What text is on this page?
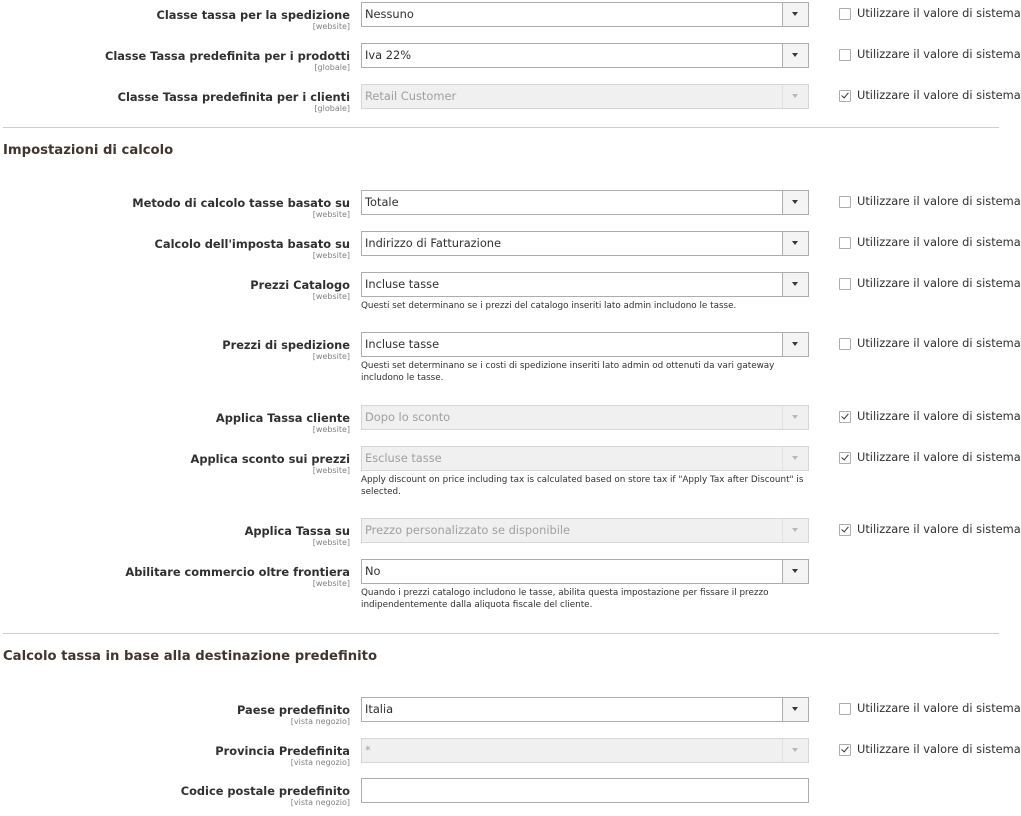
Classe tassa per la spedizione
[website]
Nessuno	Utilizzare il valore di sistema
Classe Tassa predefinita per i prodotti
[globale]
Iva 22%	Utilizzare il valore di sistema
Classe Tassa predefinita per i clienti
[globale]
Retail Customer	Utilizzare il valore di sistema
Impostazioni di calcolo
Metodo di calcolo tasse basato su
[website]
Totale	Utilizzare il valore di sistema
Calcolo dell'imposta basato su
[website]
Indirizzo di Fatturazione	Utilizzare il valore di sistema
Prezzi Catalogo
[website]
Incluse tasse
Questi set determinano se i prezzi del catalogo inseriti lato admin includono le tasse.
Utilizzare il valore di sistema
Prezzi di spedizione
[website]
Incluse tasse
Questi set determinano se i costi di spedizione inseriti lato admin od ottenuti da vari gateway includono le tasse.
Utilizzare il valore di sistema
Applica Tassa cliente
[website]
Dopo lo sconto	Utilizzare il valore di sistema
Applica sconto sui prezzi
[website]
Escluse tasse
Apply discount on price including tax is calculated based on store tax if "Apply Tax after Discount" is selected.
Utilizzare il valore di sistema
Applica Tassa su
[website]
Prezzo personalizzato se disponibile	Utilizzare il valore di sistema
Abilitare commercio oltre frontiera
[website]
No
Quando i prezzi catalogo includono le tasse, abilita questa impostazione per fissare il prezzo indipendentemente dalla aliquota fiscale del cliente.
Calcolo tassa in base alla destinazione predefinito
Paese predefinito
[vista negozio]
Italia	Utilizzare il valore di sistema
Provincia Predefinita
[vista negozio]
*	Utilizzare il valore di sistema
Codice postale predefinito
[vista negozio]
